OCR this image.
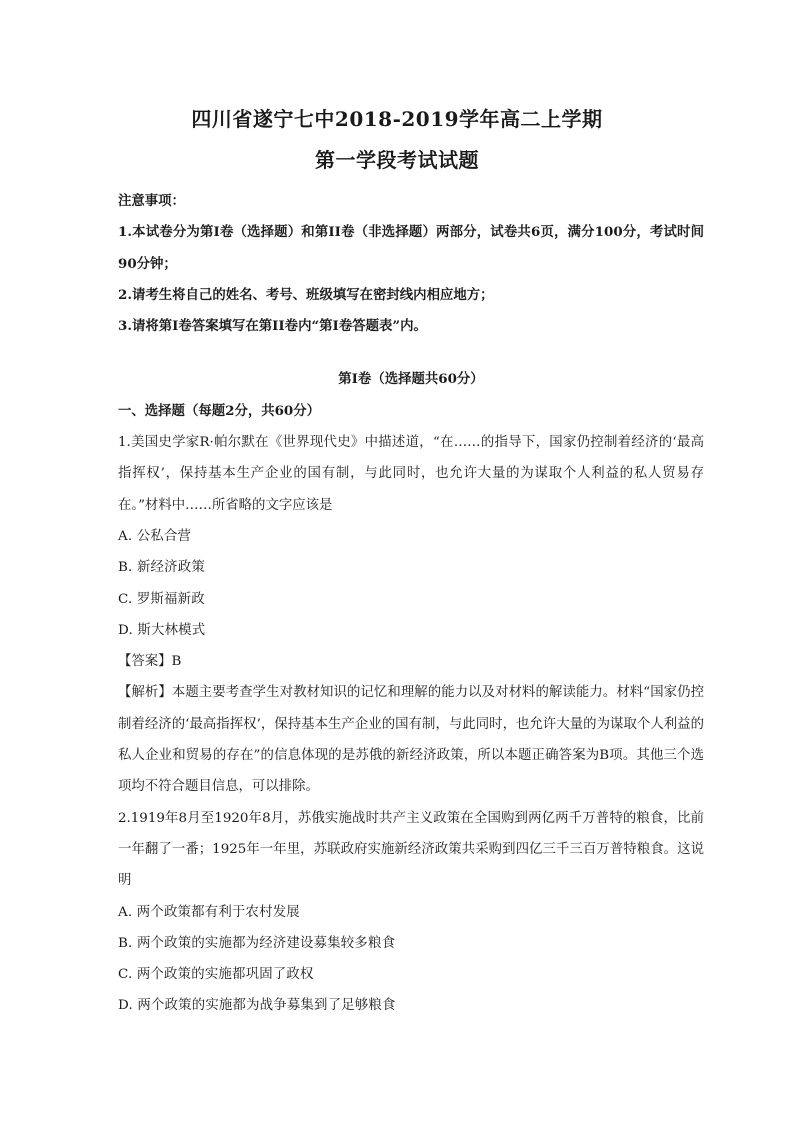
四川省遂宁七中2018-2019学年高二上学期
第一学段考试试题

注意事项：

1.本试卷分为第Ⅰ卷（选择题）和第II卷（非选择题）两部分，试卷共6页，满分100分，考试时间90分钟；

2.请考生将自己的姓名、考号、班级填写在密封线内相应地方；

3.请将第Ⅰ卷答案填写在第II卷内“第Ⅰ卷答题表”内。

第Ⅰ卷（选择题共60分）

一、选择题（每题2分，共60分）

1.美国史学家R·帕尔默在《世界现代史》中描述道，“在……的指导下，国家仍控制着经济的‘最高指挥权’，保持基本生产企业的国有制，与此同时，也允许大量的为谋取个人利益的私人贸易存在。”材料中……所省略的文字应该是

A. 公私合营

B. 新经济政策

C. 罗斯福新政

D. 斯大林模式

【答案】B

【解析】本题主要考查学生对教材知识的记忆和理解的能力以及对材料的解读能力。材料“国家仍控制着经济的‘最高指挥权’，保持基本生产企业的国有制，与此同时，也允许大量的为谋取个人利益的私人企业和贸易的存在”的信息体现的是苏俄的新经济政策，所以本题正确答案为B项。其他三个选项均不符合题目信息，可以排除。

2.1919年8月至1920年8月，苏俄实施战时共产主义政策在全国购到两亿两千万普特的粮食，比前一年翻了一番；1925年一年里，苏联政府实施新经济政策共采购到四亿三千三百万普特粮食。这说明

A. 两个政策都有利于农村发展

B. 两个政策的实施都为经济建设募集较多粮食

C. 两个政策的实施都巩固了政权

D. 两个政策的实施都为战争募集到了足够粮食
